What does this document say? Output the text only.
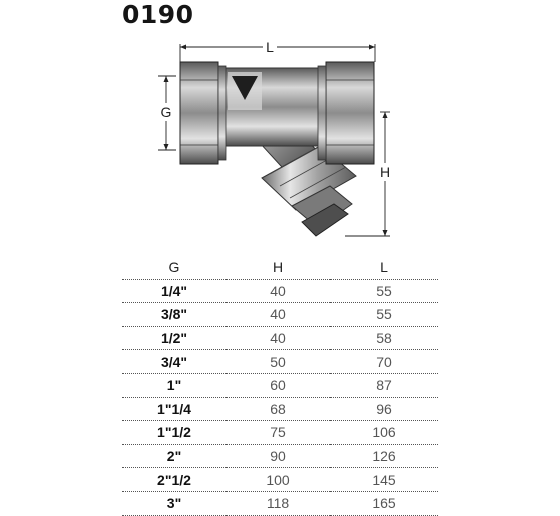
0190
L
G
H
G	H	L
1/4"	40	55
3/8"	40	55
1/2"	40	58
3/4"	50	70
1"	60	87
1"1/4	68	96
1"1/2	75	106
2"	90	126
2"1/2	100	145
3"	118	165
